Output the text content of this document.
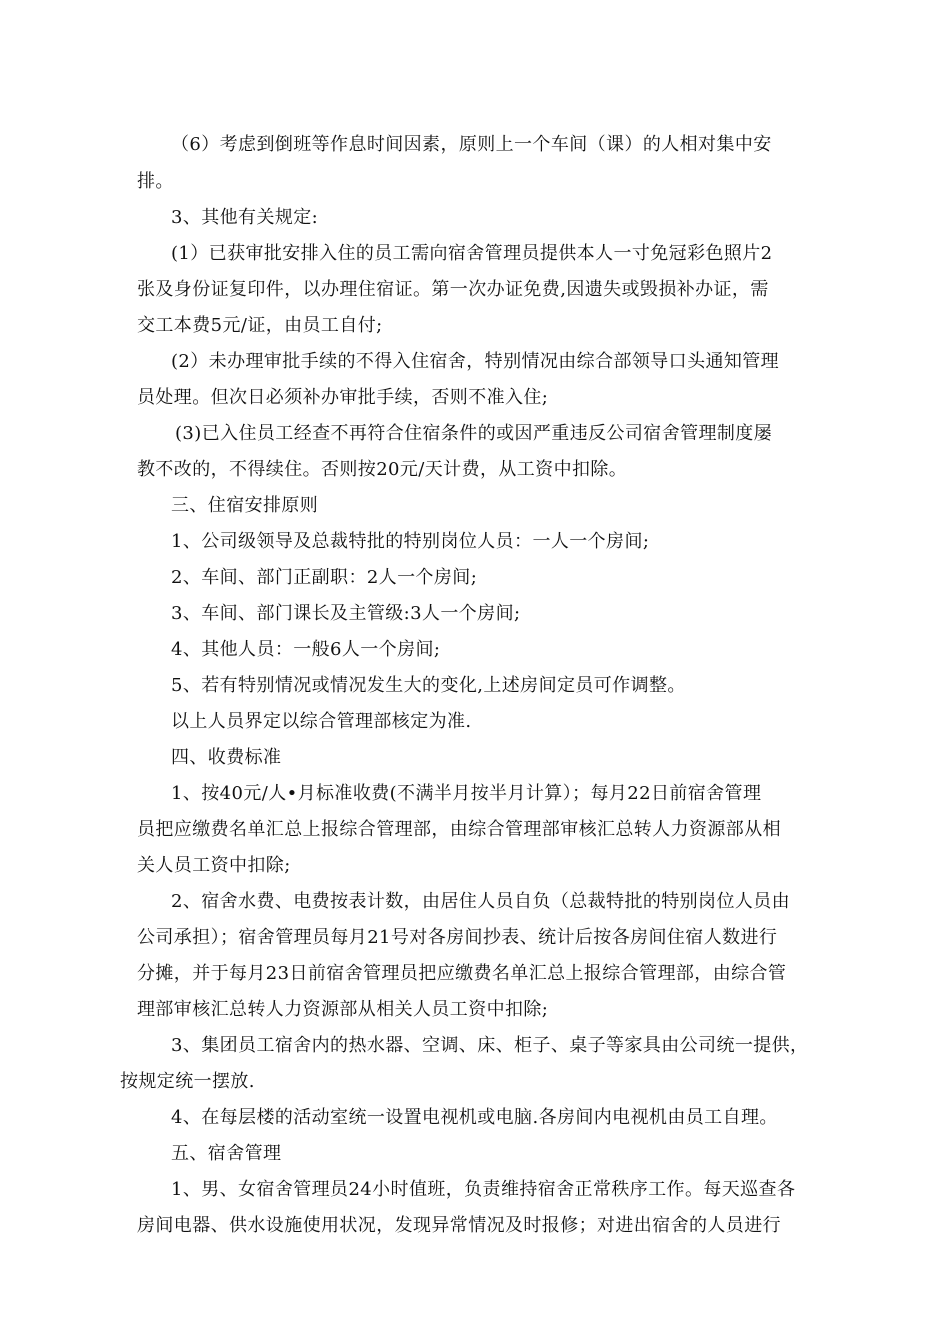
（6）考虑到倒班等作息时间因素，原则上一个车间（课）的人相对集中安
排。
3、其他有关规定:
(1）已获审批安排入住的员工需向宿舍管理员提供本人一寸免冠彩色照片2
张及身份证复印件，以办理住宿证。第一次办证免费,因遗失或毁损补办证，需
交工本费5元/证，由员工自付;
(2）未办理审批手续的不得入住宿舍，特别情况由综合部领导口头通知管理
员处理。但次日必须补办审批手续，否则不准入住;
(3)已入住员工经查不再符合住宿条件的或因严重违反公司宿舍管理制度屡
教不改的，不得续住。否则按20元/天计费，从工资中扣除。
三、住宿安排原则
1、公司级领导及总裁特批的特别岗位人员：一人一个房间;
2、车间、部门正副职：2人一个房间;
3、车间、部门课长及主管级:3人一个房间;
4、其他人员：一般6人一个房间;
5、若有特别情况或情况发生大的变化,上述房间定员可作调整。
以上人员界定以综合管理部核定为准.
四、收费标准
1、按40元/人•月标准收费(不满半月按半月计算）；每月22日前宿舍管理
员把应缴费名单汇总上报综合管理部，由综合管理部审核汇总转人力资源部从相
关人员工资中扣除;
2、宿舍水费、电费按表计数，由居住人员自负（总裁特批的特别岗位人员由
公司承担）；宿舍管理员每月21号对各房间抄表、统计后按各房间住宿人数进行
分摊，并于每月23日前宿舍管理员把应缴费名单汇总上报综合管理部，由综合管
理部审核汇总转人力资源部从相关人员工资中扣除;
3、集团员工宿舍内的热水器、空调、床、柜子、桌子等家具由公司统一提供，
按规定统一摆放.
4、在每层楼的活动室统一设置电视机或电脑.各房间内电视机由员工自理。
五、宿舍管理
1、男、女宿舍管理员24小时值班，负责维持宿舍正常秩序工作。每天巡查各
房间电器、供水设施使用状况，发现异常情况及时报修；对进出宿舍的人员进行
